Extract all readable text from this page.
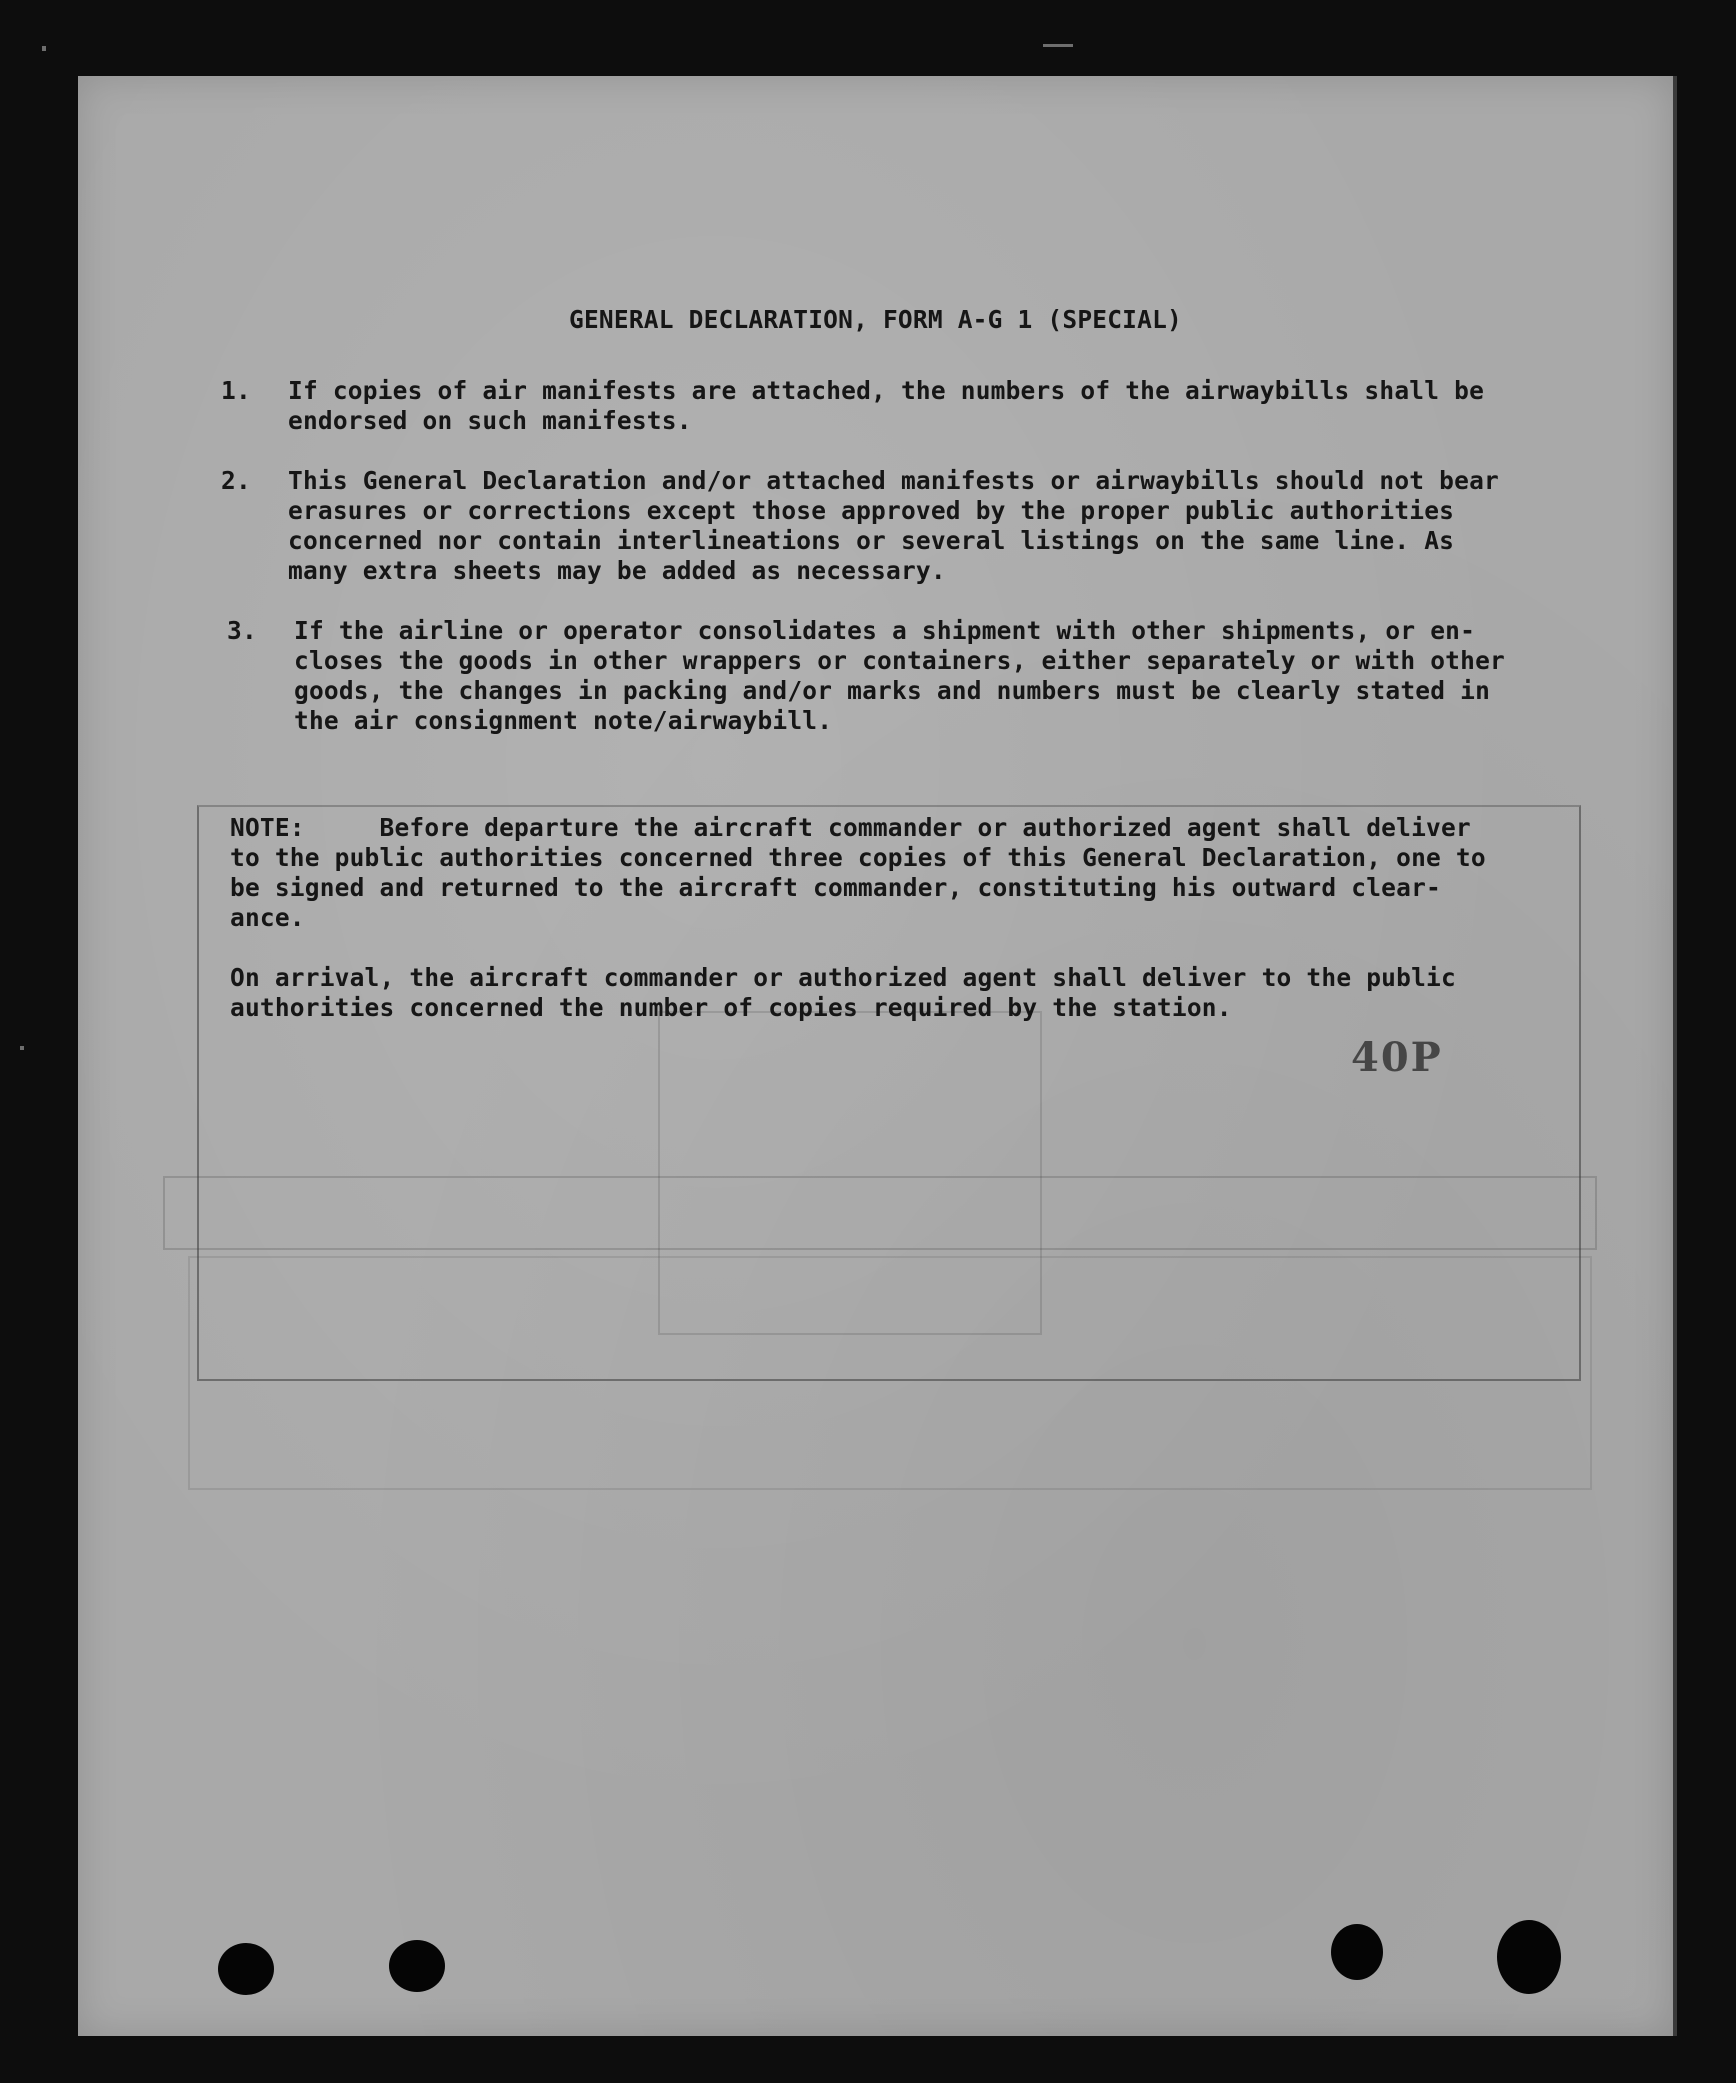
GENERAL DECLARATION, FORM A-G 1 (SPECIAL)
1. If copies of air manifests are attached, the numbers of the airwaybills shall be
endorsed on such manifests.

2. This General Declaration and/or attached manifests or airwaybills should not bear
erasures or corrections except those approved by the proper public authorities
concerned nor contain interlineations or several listings on the same line. As
many extra sheets may be added as necessary.

3. If the airline or operator consolidates a shipment with other shipments, or en-
closes the goods in other wrappers or containers, either separately or with other
goods, the changes in packing and/or marks and numbers must be clearly stated in
the air consignment note/airwaybill.

NOTE:     Before departure the aircraft commander or authorized agent shall deliver
to the public authorities concerned three copies of this General Declaration, one to
be signed and returned to the aircraft commander, constituting his outward clear-
ance.

On arrival, the aircraft commander or authorized agent shall deliver to the public
authorities concerned the number of copies required by the station.

40P
